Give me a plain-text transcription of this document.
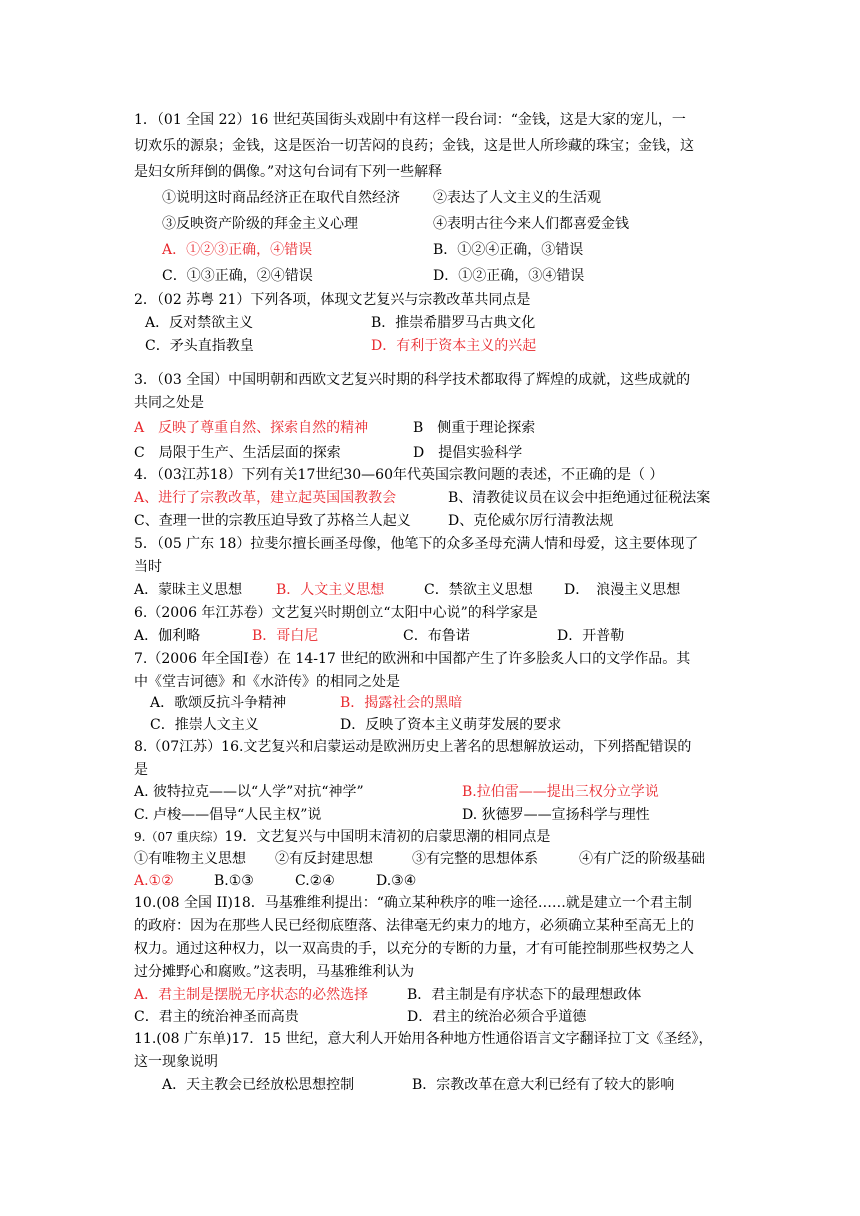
1．（01 全国 22）16 世纪英国街头戏剧中有这样一段台词：“金钱，这是大家的宠儿，一
切欢乐的源泉；金钱，这是医治一切苦闷的良药；金钱，这是世人所珍藏的珠宝；金钱，这
是妇女所拜倒的偶像。”对这句台词有下列一些解释
①说明这时商品经济正在取代自然经济 ②表达了人文主义的生活观
③反映资产阶级的拜金主义心理	④表明古往今来人们都喜爱金钱
A．①②③正确，④错误	B．①②④正确，③错误
C．①③正确，②④错误	D．①②正确，③④错误
2．（02 苏粤 21）下列各项，体现文艺复兴与宗教改革共同点是
A．反对禁欲主义	B．推崇希腊罗马古典文化
C．矛头直指教皇	D．有利于资本主义的兴起
3．（03 全国）中国明朝和西欧文艺复兴时期的科学技术都取得了辉煌的成就，这些成就的
共同之处是
A　反映了尊重自然、探索自然的精神	B　侧重于理论探索
C　局限于生产、生活层面的探索	D　提倡实验科学
4．（03江苏18）下列有关17世纪30—60年代英国宗教问题的表述，不正确的是（ ）
A、进行了宗教改革，建立起英国国教教会	B、清教徒议员在议会中拒绝通过征税法案
C、查理一世的宗教压迫导致了苏格兰人起义	D、克伦威尔厉行清教法规
5．（05 广东 18）拉斐尔擅长画圣母像，他笔下的众多圣母充满人情和母爱，这主要体现了
当时
A．蒙昧主义思想 B．人文主义思想	C．禁欲主义思想 D．　浪漫主义思想
6.（2006 年江苏卷）文艺复兴时期创立“太阳中心说”的科学家是
A．伽利略	B．哥白尼	C．布鲁诺	D．开普勒
7.（2006 年全国Ⅰ卷）在 14-17 世纪的欧洲和中国都产生了许多脍炙人口的文学作品。其
中《堂吉诃德》和《水浒传》的相同之处是
A．歌颂反抗斗争精神	B．揭露社会的黑暗
C．推崇人文主义	D．反映了资本主义萌芽发展的要求
8.（07江苏）16.文艺复兴和启蒙运动是欧洲历史上著名的思想解放运动，下列搭配错误的
是
A. 彼特拉克——以“人学”对抗“神学”	B.拉伯雷——提出三权分立学说
C. 卢梭——倡导“人民主权”说	D. 狄德罗——宣扬科学与理性
9.（07 重庆综）19．文艺复兴与中国明末清初的启蒙思潮的相同点是
①有唯物主义思想 ②有反封建思想	③有完整的思想体系	④有广泛的阶级基础
A.①②	B.①③	C.②④	D.③④
10.(08 全国 II)18．马基雅维利提出：“确立某种秩序的唯一途径……就是建立一个君主制
的政府：因为在那些人民已经彻底堕落、法律毫无约束力的地方，必须确立某种至高无上的
权力。通过这种权力，以一双高贵的手，以充分的专断的力量，才有可能控制那些权势之人
过分摊野心和腐败。”这表明，马基雅维利认为
A．君主制是摆脱无序状态的必然选择	B．君主制是有序状态下的最理想政体
C．君主的统治神圣而高贵	D．君主的统治必须合乎道德
11.(08 广东单)17．15 世纪，意大利人开始用各种地方性通俗语言文字翻译拉丁文《圣经》，
这一现象说明
A．天主教会已经放松思想控制	B．宗教改革在意大利已经有了较大的影响
